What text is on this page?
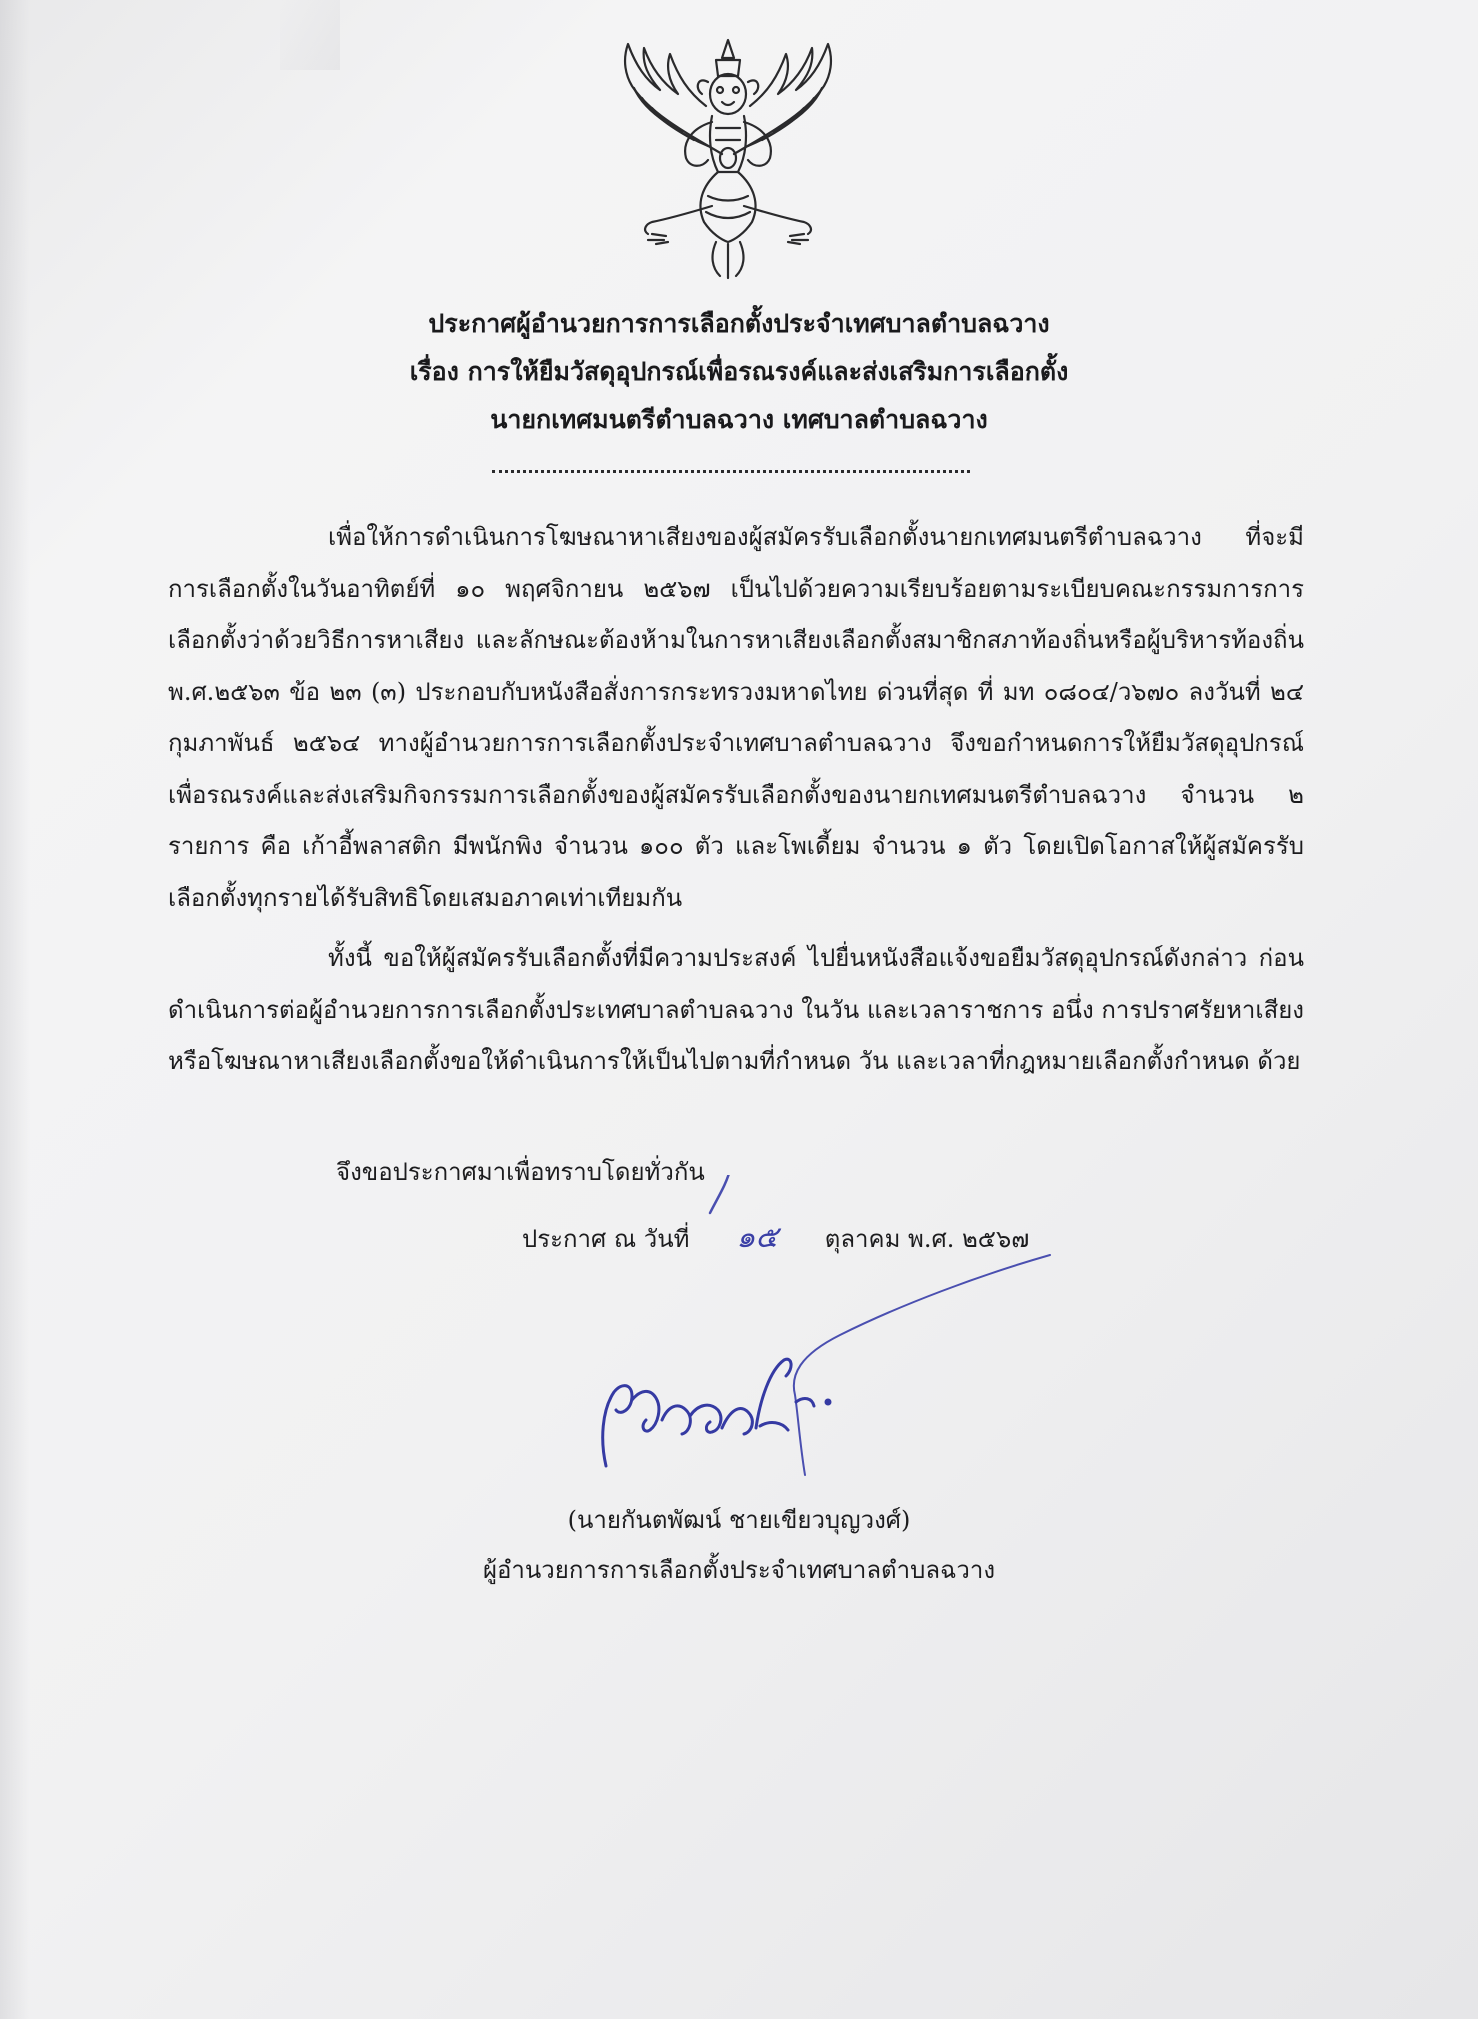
ประกาศผู้อำนวยการการเลือกตั้งประจำเทศบาลตำบลฉวาง
เรื่อง การให้ยืมวัสดุอุปกรณ์เพื่อรณรงค์และส่งเสริมการเลือกตั้ง
นายกเทศมนตรีตำบลฉวาง เทศบาลตำบลฉวาง
เพื่อให้การดำเนินการโฆษณาหาเสียงของผู้สมัครรับเลือกตั้งนายกเทศมนตรีตำบลฉวาง ที่จะมีการเลือกตั้งในวันอาทิตย์ที่ ๑๐ พฤศจิกายน ๒๕๖๗ เป็นไปด้วยความเรียบร้อยตามระเบียบคณะกรรมการการเลือกตั้งว่าด้วยวิธีการหาเสียง และลักษณะต้องห้ามในการหาเสียงเลือกตั้งสมาชิกสภาท้องถิ่นหรือผู้บริหารท้องถิ่น พ.ศ.๒๕๖๓ ข้อ ๒๓ (๓) ประกอบกับหนังสือสั่งการกระทรวงมหาดไทย ด่วนที่สุด ที่ มท ๐๘๐๔/ว๖๗๐ ลงวันที่ ๒๔ กุมภาพันธ์ ๒๕๖๔ ทางผู้อำนวยการการเลือกตั้งประจำเทศบาลตำบลฉวาง จึงขอกำหนดการให้ยืมวัสดุอุปกรณ์เพื่อรณรงค์และส่งเสริมกิจกรรมการเลือกตั้งของผู้สมัครรับเลือกตั้งของนายกเทศมนตรีตำบลฉวาง จำนวน ๒ รายการ คือ เก้าอี้พลาสติก มีพนักพิง จำนวน ๑๐๐ ตัว และโพเดี้ยม จำนวน ๑ ตัว โดยเปิดโอกาสให้ผู้สมัครรับเลือกตั้งทุกรายได้รับสิทธิโดยเสมอภาคเท่าเทียมกัน
ทั้งนี้ ขอให้ผู้สมัครรับเลือกตั้งที่มีความประสงค์ ไปยื่นหนังสือแจ้งขอยืมวัสดุอุปกรณ์ดังกล่าว ก่อนดำเนินการต่อผู้อำนวยการการเลือกตั้งประเทศบาลตำบลฉวาง ในวัน และเวลาราชการ อนึ่ง การปราศรัยหาเสียงหรือโฆษณาหาเสียงเลือกตั้งขอให้ดำเนินการให้เป็นไปตามที่กำหนด วัน และเวลาที่กฎหมายเลือกตั้งกำหนด ด้วย
จึงขอประกาศมาเพื่อทราบโดยทั่วกัน
ประกาศ ณ วันที่ ๑๕ ตุลาคม พ.ศ. ๒๕๖๗
(นายกันตพัฒน์ ชายเขียวบุญวงศ์)
ผู้อำนวยการการเลือกตั้งประจำเทศบาลตำบลฉวาง
